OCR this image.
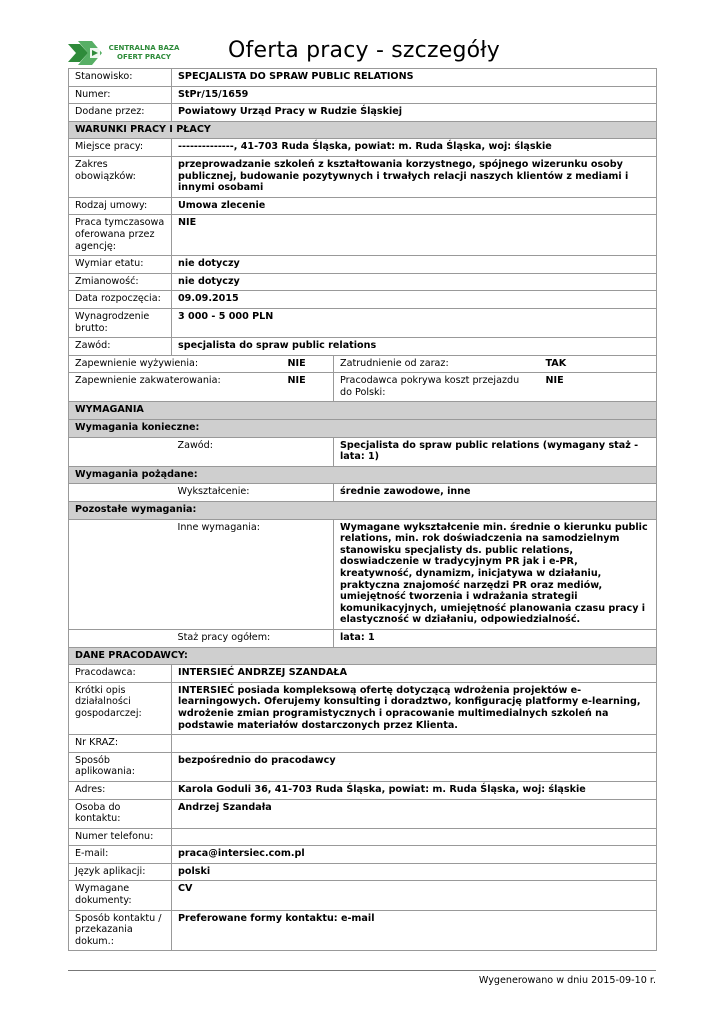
CENTRALNA BAZA
OFERT PRACY	Oferta pracy - szczegóły
Stanowisko:	SPECJALISTA DO SPRAW PUBLIC RELATIONS			
Numer:	StPr/15/1659			
Dodane przez:	Powiatowy Urząd Pracy w Rudzie Śląskiej			
WARUNKI PRACY I PŁACY				
Miejsce pracy:	--------------, 41-703 Ruda Śląska, powiat: m. Ruda Śląska, woj: śląskie			
Zakres obowiązków:	przeprowadzanie szkoleń z kształtowania korzystnego, spójnego wizerunku osoby publicznej, budowanie pozytywnych i trwałych relacji naszych klientów z mediami i innymi osobami			
Rodzaj umowy:	Umowa zlecenie			
Praca tymczasowa oferowana przez agencję:	NIE			
Wymiar etatu:	nie dotyczy			
Zmianowość:	nie dotyczy			
Data rozpoczęcia:	09.09.2015			
Wynagrodzenie brutto:	3 000 - 5 000 PLN			
Zawód:	specjalista do spraw public relations			
Zapewnienie wyżywienia:		NIE	Zatrudnienie od zaraz:	TAK
Zapewnienie zakwaterowania:		NIE	Pracodawca pokrywa koszt przejazdu do Polski:	NIE
WYMAGANIA				
Wymagania konieczne:				
	Zawód:		Specjalista do spraw public relations (wymagany staż - lata: 1)	
Wymagania pożądane:				
	Wykształcenie:		średnie zawodowe, inne	
Pozostałe wymagania:				
	Inne wymagania:		Wymagane wykształcenie min. średnie o kierunku public relations, min. rok doświadczenia na samodzielnym stanowisku specjalisty ds. public relations, doswiadczenie w tradycyjnym PR jak i e-PR, kreatywność, dynamizm, inicjatywa w działaniu, praktyczna znajomość narzędzi PR oraz mediów, umiejętność tworzenia i wdrażania strategii komunikacyjnych, umiejętność planowania czasu pracy i elastyczność w działaniu, odpowiedzialność.	
	Staż pracy ogółem:		lata: 1	
DANE PRACODAWCY:				
Pracodawca:	INTERSIEĆ ANDRZEJ SZANDAŁA			
Krótki opis działalności gospodarczej:	INTERSIEĆ posiada kompleksową ofertę dotyczącą wdrożenia projektów e-learningowych. Oferujemy konsulting i doradztwo, konfigurację platformy e-learning, wdrożenie zmian programistycznych i opracowanie multimedialnych szkoleń na podstawie materiałów dostarczonych przez Klienta.			
Nr KRAZ:				
Sposób aplikowania:	bezpośrednio do pracodawcy			
Adres:	Karola Goduli 36, 41-703 Ruda Śląska, powiat: m. Ruda Śląska, woj: śląskie			
Osoba do kontaktu:	Andrzej Szandała			
Numer telefonu:				
E-mail:	praca@intersiec.com.pl			
Język aplikacji:	polski			
Wymagane dokumenty:	CV			
Sposób kontaktu / przekazania dokum.:	Preferowane formy kontaktu: e-mail			
Wygenerowano w dniu 2015-09-10 r.
